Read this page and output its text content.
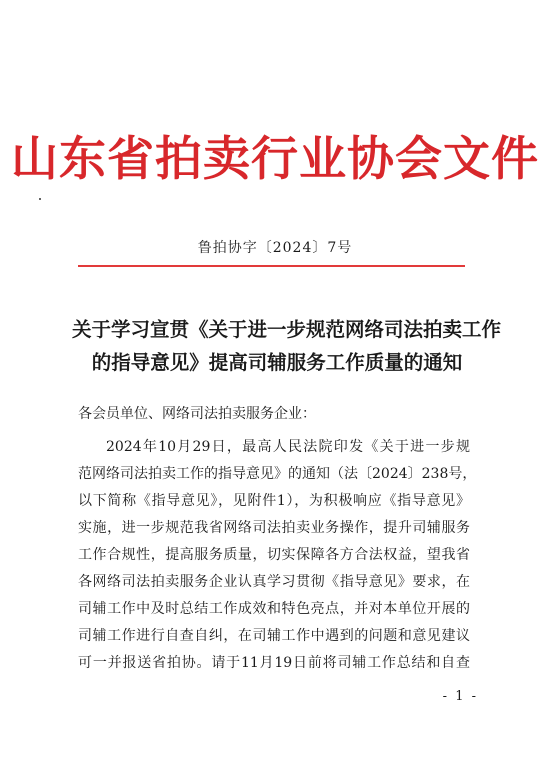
山东省拍卖行业协会文件
鲁拍协字〔2024〕7号
关于学习宣贯《关于进一步规范网络司法拍卖工作
的指导意见》提高司辅服务工作质量的通知
各会员单位、网络司法拍卖服务企业：
2024年10月29日，最高人民法院印发《关于进一步规
范网络司法拍卖工作的指导意见》的通知（法〔2024〕238号，
以下简称《指导意见》，见附件1），为积极响应《指导意见》
实施，进一步规范我省网络司法拍卖业务操作，提升司辅服务
工作合规性，提高服务质量，切实保障各方合法权益，望我省
各网络司法拍卖服务企业认真学习贯彻《指导意见》要求，在
司辅工作中及时总结工作成效和特色亮点，并对本单位开展的
司辅工作进行自查自纠，在司辅工作中遇到的问题和意见建议
可一并报送省拍协。请于11月19日前将司辅工作总结和自查
- 1 -
